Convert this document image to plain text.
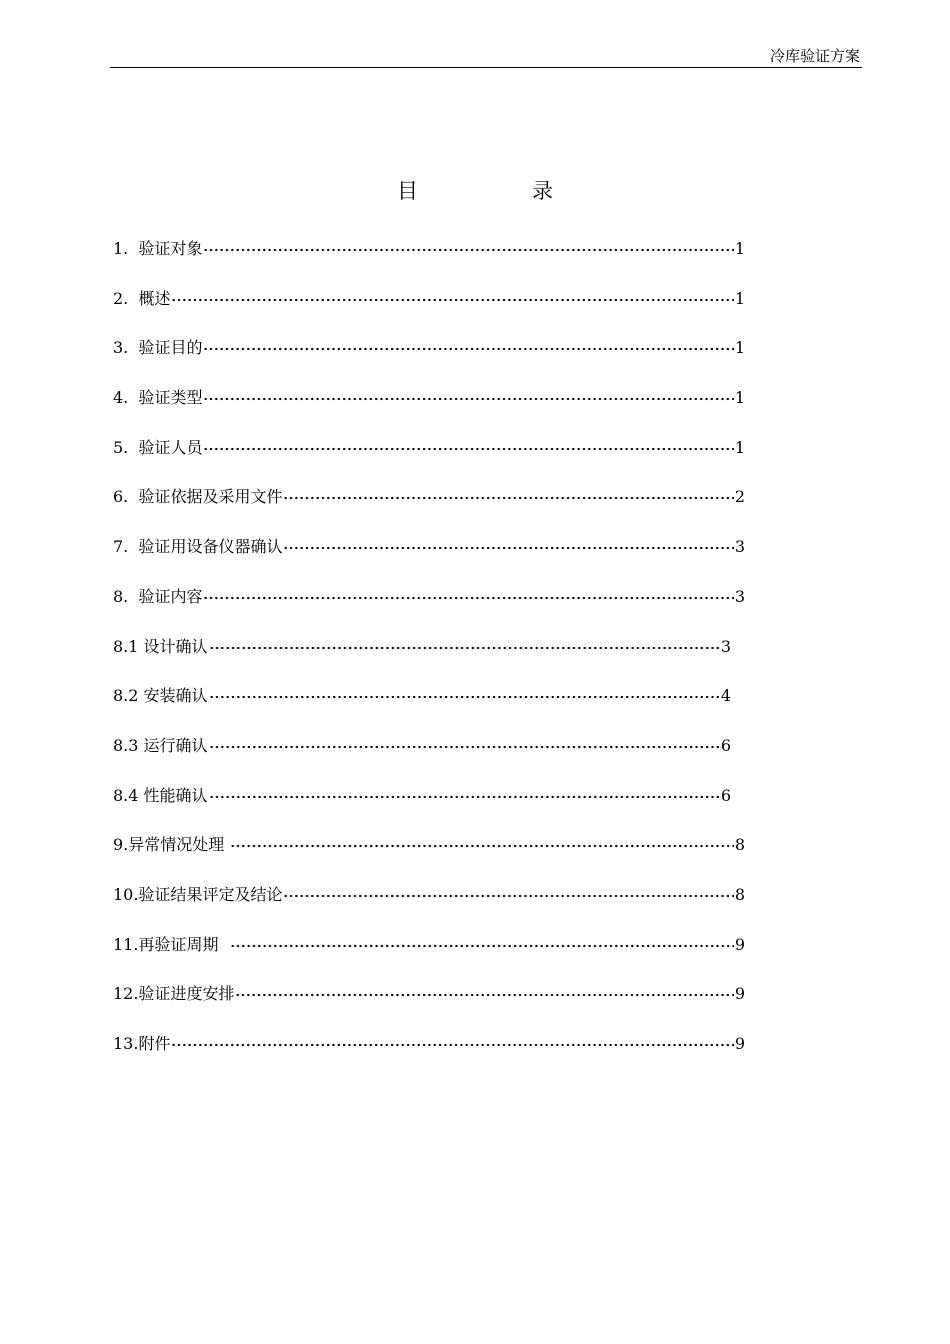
冷库验证方案
目	录
1.  验证对象	1
2.  概述	1
3.  验证目的	1
4.  验证类型	1
5.  验证人员	1
6.  验证依据及采用文件	2
7.  验证用设备仪器确认	3
8.  验证内容	3
8.1 设计确认	3
8.2 安装确认	4
8.3 运行确认	6
8.4 性能确认	6
9.异常情况处理	8
10.验证结果评定及结论	8
11.再验证周期	9
12.验证进度安排	9
13.附件	9
